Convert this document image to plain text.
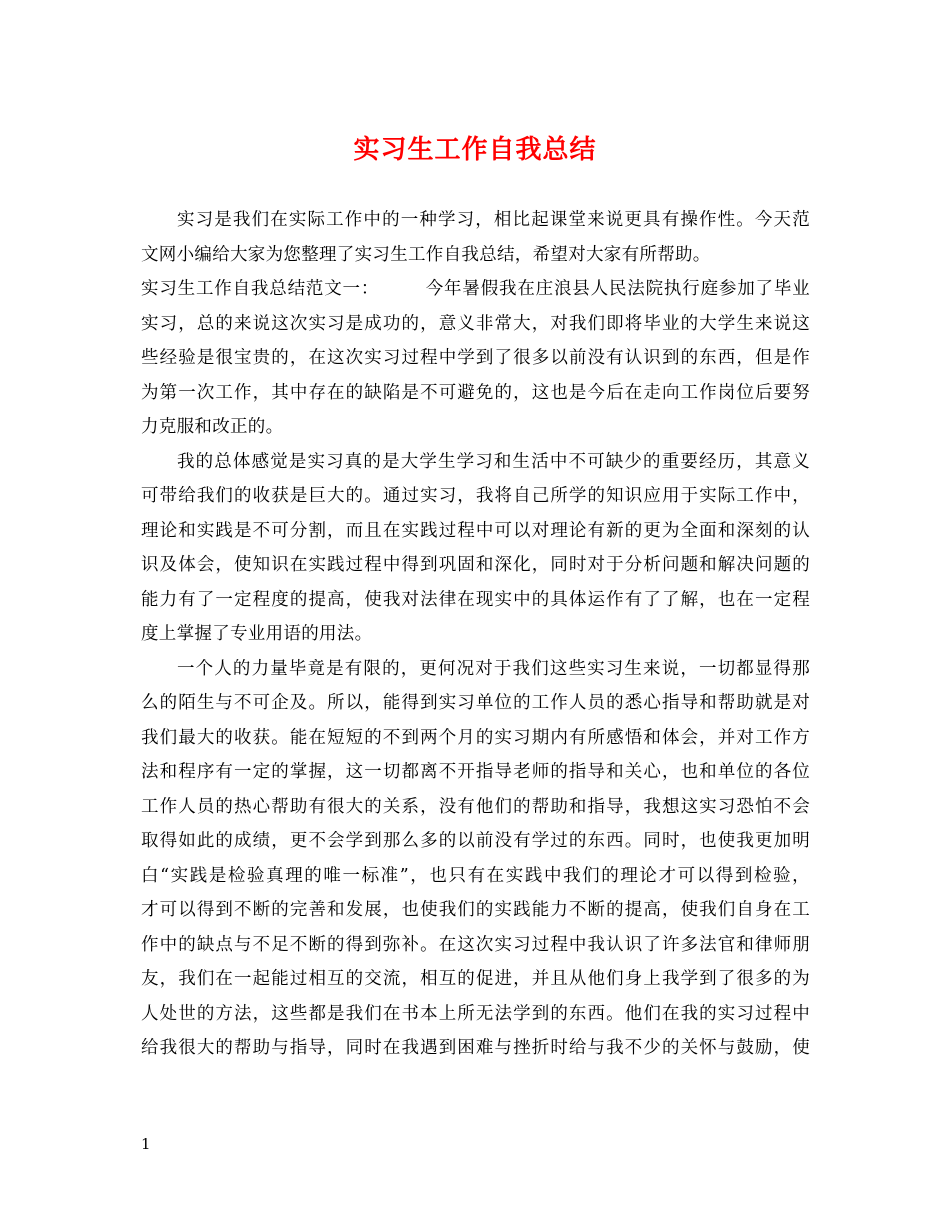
实习生工作自我总结
实习是我们在实际工作中的一种学习，相比起课堂来说更具有操作性。今天范
文网小编给大家为您整理了实习生工作自我总结，希望对大家有所帮助。
实习生工作自我总结范文一：	今年暑假我在庄浪县人民法院执行庭参加了毕业
实习，总的来说这次实习是成功的，意义非常大，对我们即将毕业的大学生来说这
些经验是很宝贵的，在这次实习过程中学到了很多以前没有认识到的东西，但是作
为第一次工作，其中存在的缺陷是不可避免的，这也是今后在走向工作岗位后要努
力克服和改正的。
我的总体感觉是实习真的是大学生学习和生活中不可缺少的重要经历，其意义
可带给我们的收获是巨大的。通过实习，我将自己所学的知识应用于实际工作中，
理论和实践是不可分割，而且在实践过程中可以对理论有新的更为全面和深刻的认
识及体会，使知识在实践过程中得到巩固和深化，同时对于分析问题和解决问题的
能力有了一定程度的提高，使我对法律在现实中的具体运作有了了解，也在一定程
度上掌握了专业用语的用法。
一个人的力量毕竟是有限的，更何况对于我们这些实习生来说，一切都显得那
么的陌生与不可企及。所以，能得到实习单位的工作人员的悉心指导和帮助就是对
我们最大的收获。能在短短的不到两个月的实习期内有所感悟和体会，并对工作方
法和程序有一定的掌握，这一切都离不开指导老师的指导和关心，也和单位的各位
工作人员的热心帮助有很大的关系，没有他们的帮助和指导，我想这实习恐怕不会
取得如此的成绩，更不会学到那么多的以前没有学过的东西。同时，也使我更加明
白“实践是检验真理的唯一标准”，也只有在实践中我们的理论才可以得到检验，
才可以得到不断的完善和发展，也使我们的实践能力不断的提高，使我们自身在工
作中的缺点与不足不断的得到弥补。在这次实习过程中我认识了许多法官和律师朋
友，我们在一起能过相互的交流，相互的促进，并且从他们身上我学到了很多的为
人处世的方法，这些都是我们在书本上所无法学到的东西。他们在我的实习过程中
给我很大的帮助与指导，同时在我遇到困难与挫折时给与我不少的关怀与鼓励，使
1
